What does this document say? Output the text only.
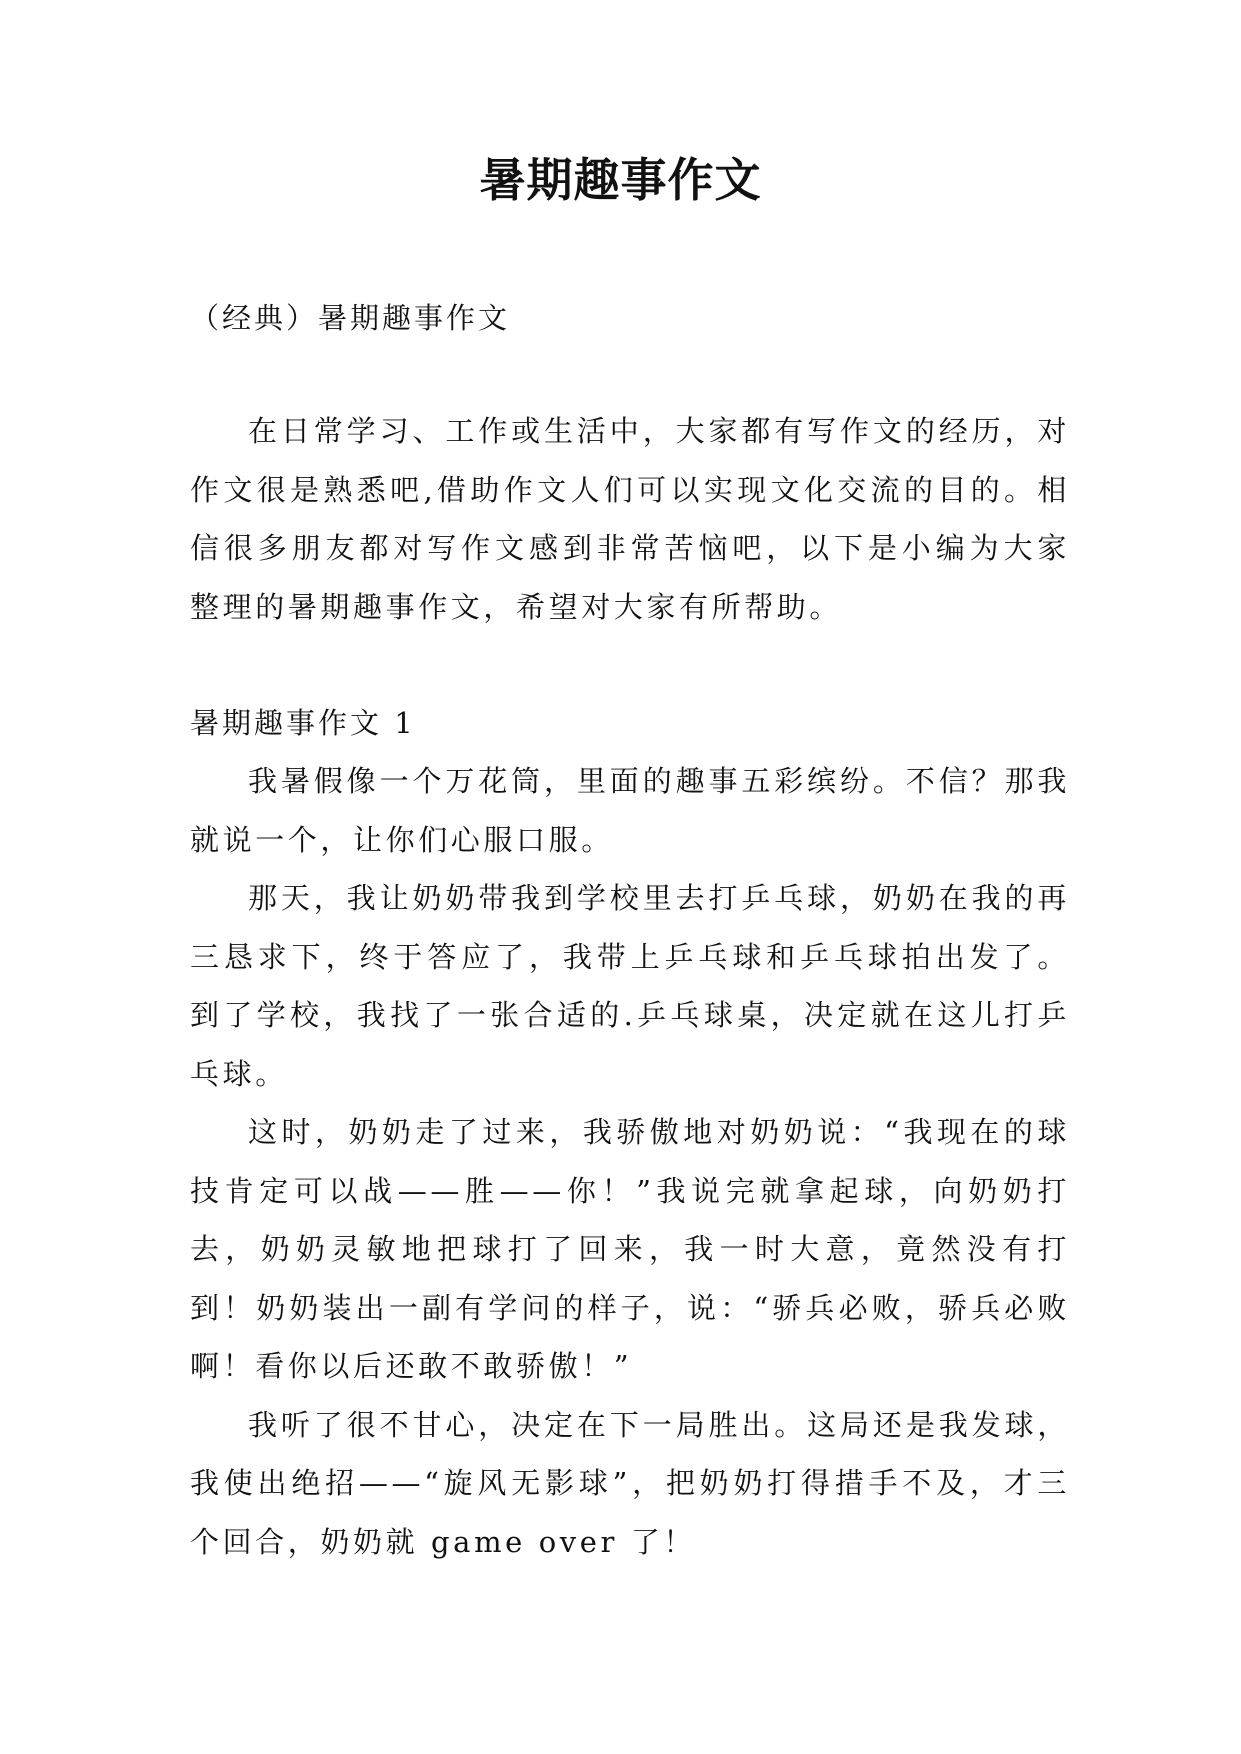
暑期趣事作文

（经典）暑期趣事作文

在日常学习、工作或生活中，大家都有写作文的经历，对作文很是熟悉吧,借助作文人们可以实现文化交流的目的。相信很多朋友都对写作文感到非常苦恼吧，以下是小编为大家整理的暑期趣事作文，希望对大家有所帮助。

暑期趣事作文 1

我暑假像一个万花筒，里面的趣事五彩缤纷。不信？那我就说一个，让你们心服口服。

那天，我让奶奶带我到学校里去打乒乓球，奶奶在我的再三恳求下，终于答应了，我带上乒乓球和乒乓球拍出发了。到了学校，我找了一张合适的.乒乓球桌，决定就在这儿打乒乓球。

这时，奶奶走了过来，我骄傲地对奶奶说：“我现在的球技肯定可以战——胜——你！”我说完就拿起球，向奶奶打去，奶奶灵敏地把球打了回来，我一时大意，竟然没有打到！奶奶装出一副有学问的样子，说：“骄兵必败，骄兵必败啊！看你以后还敢不敢骄傲！”

我听了很不甘心，决定在下一局胜出。这局还是我发球，我使出绝招——“旋风无影球”，把奶奶打得措手不及，才三个回合，奶奶就 game over 了！
